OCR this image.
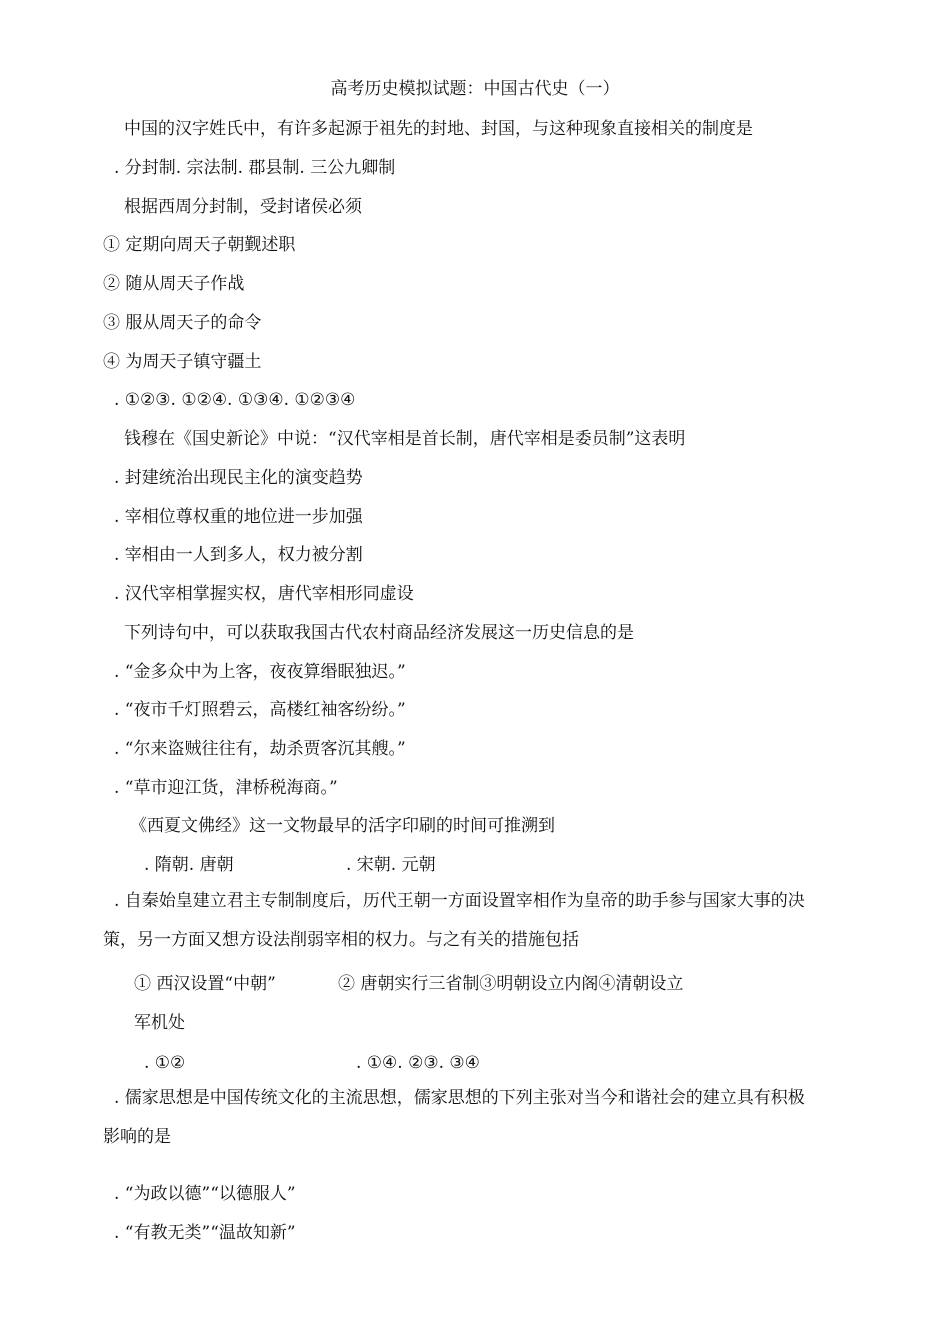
高考历史模拟试题：中国古代史（一）
中国的汉字姓氏中，有许多起源于祖先的封地、封国，与这种现象直接相关的制度是
. 分封制. 宗法制. 郡县制. 三公九卿制
根据西周分封制，受封诸侯必须
① 定期向周天子朝觐述职
② 随从周天子作战
③ 服从周天子的命令
④ 为周天子镇守疆土
. ①②③. ①②④. ①③④. ①②③④
钱穆在《国史新论》中说：“汉代宰相是首长制，唐代宰相是委员制”这表明
. 封建统治出现民主化的演变趋势
. 宰相位尊权重的地位进一步加强
. 宰相由一人到多人，权力被分割
. 汉代宰相掌握实权，唐代宰相形同虚设
下列诗句中，可以获取我国古代农村商品经济发展这一历史信息的是
. “金多众中为上客，夜夜算缗眠独迟。”
. “夜市千灯照碧云，高楼红袖客纷纷。”
. “尔来盗贼往往有，劫杀贾客沉其艘。”
. “草市迎江货，津桥税海商。”
《西夏文佛经》这一文物最早的活字印刷的时间可推溯到
. 隋朝. 唐朝	. 宋朝. 元朝
. 自秦始皇建立君主专制制度后，历代王朝一方面设置宰相作为皇帝的助手参与国家大事的决
策，另一方面又想方设法削弱宰相的权力。与之有关的措施包括
① 西汉设置“中朝”	② 唐朝实行三省制③明朝设立内阁④清朝设立
军机处
. ①②	. ①④. ②③. ③④
. 儒家思想是中国传统文化的主流思想，儒家思想的下列主张对当今和谐社会的建立具有积极
影响的是
. “为政以德”“以德服人”
. “有教无类”“温故知新”
